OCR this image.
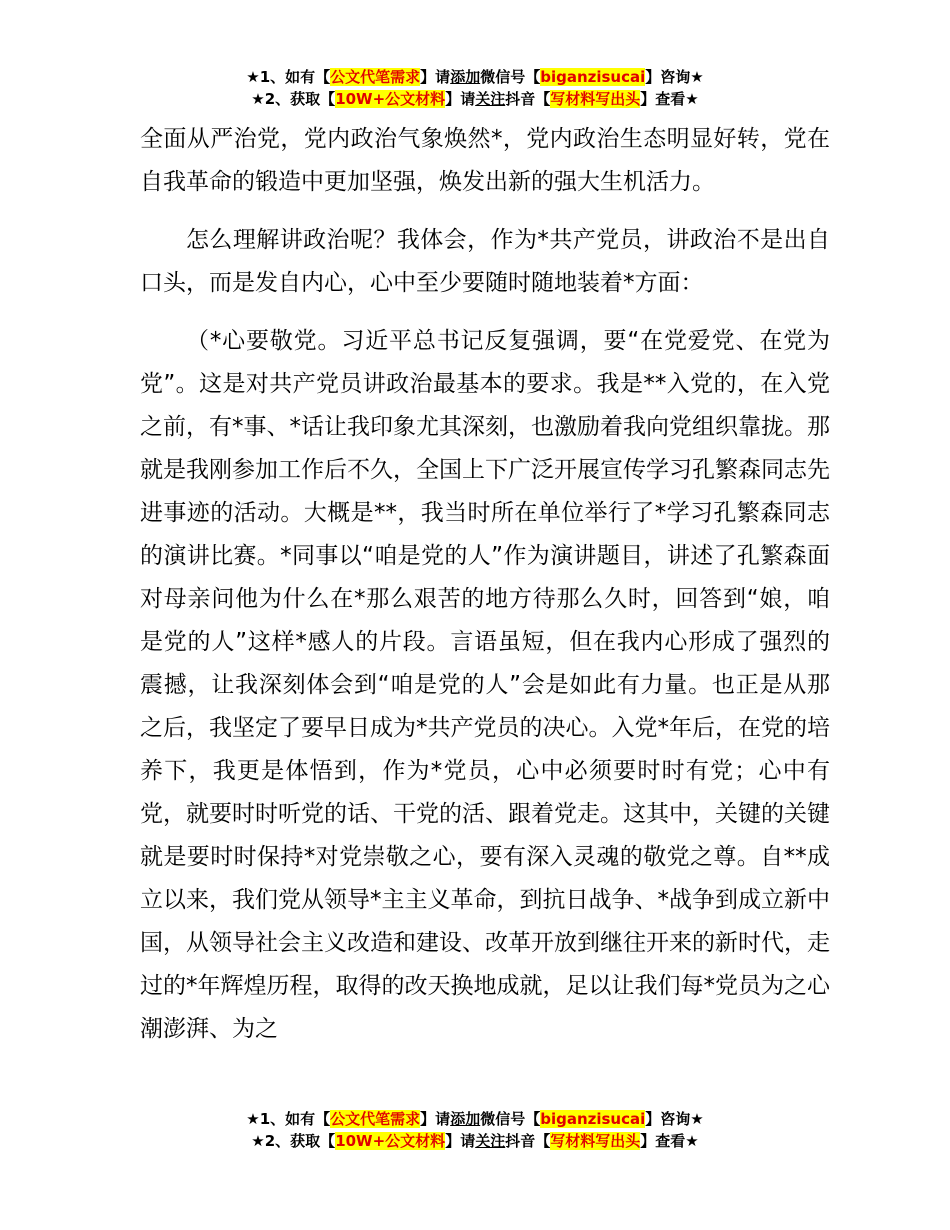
★1、如有【公文代笔需求】请添加微信号【biganzisucai】咨询★
★2、获取【10W+公文材料】请关注抖音【写材料写出头】查看★

全面从严治党，党内政治气象焕然*，党内政治生态明显好转，党在自我革命的锻造中更加坚强，焕发出新的强大生机活力。

怎么理解讲政治呢？我体会，作为*共产党员，讲政治不是出自口头，而是发自内心，心中至少要随时随地装着*方面：

（*心要敬党。习近平总书记反复强调，要“在党爱党、在党为党”。这是对共产党员讲政治最基本的要求。我是**入党的，在入党之前，有*事、*话让我印象尤其深刻，也激励着我向党组织靠拢。那就是我刚参加工作后不久，全国上下广泛开展宣传学习孔繁森同志先进事迹的活动。大概是**，我当时所在单位举行了*学习孔繁森同志的演讲比赛。*同事以“咱是党的人”作为演讲题目，讲述了孔繁森面对母亲问他为什么在*那么艰苦的地方待那么久时，回答到“娘，咱是党的人”这样*感人的片段。言语虽短，但在我内心形成了强烈的震撼，让我深刻体会到“咱是党的人”会是如此有力量。也正是从那之后，我坚定了要早日成为*共产党员的决心。入党*年后，在党的培养下，我更是体悟到，作为*党员，心中必须要时时有党；心中有党，就要时时听党的话、干党的活、跟着党走。这其中，关键的关键就是要时时保持*对党崇敬之心，要有深入灵魂的敬党之尊。自**成立以来，我们党从领导*主主义革命，到抗日战争、*战争到成立新中国，从领导社会主义改造和建设、改革开放到继往开来的新时代，走过的*年辉煌历程，取得的改天换地成就，足以让我们每*党员为之心潮澎湃、为之

★1、如有【公文代笔需求】请添加微信号【biganzisucai】咨询★
★2、获取【10W+公文材料】请关注抖音【写材料写出头】查看★
